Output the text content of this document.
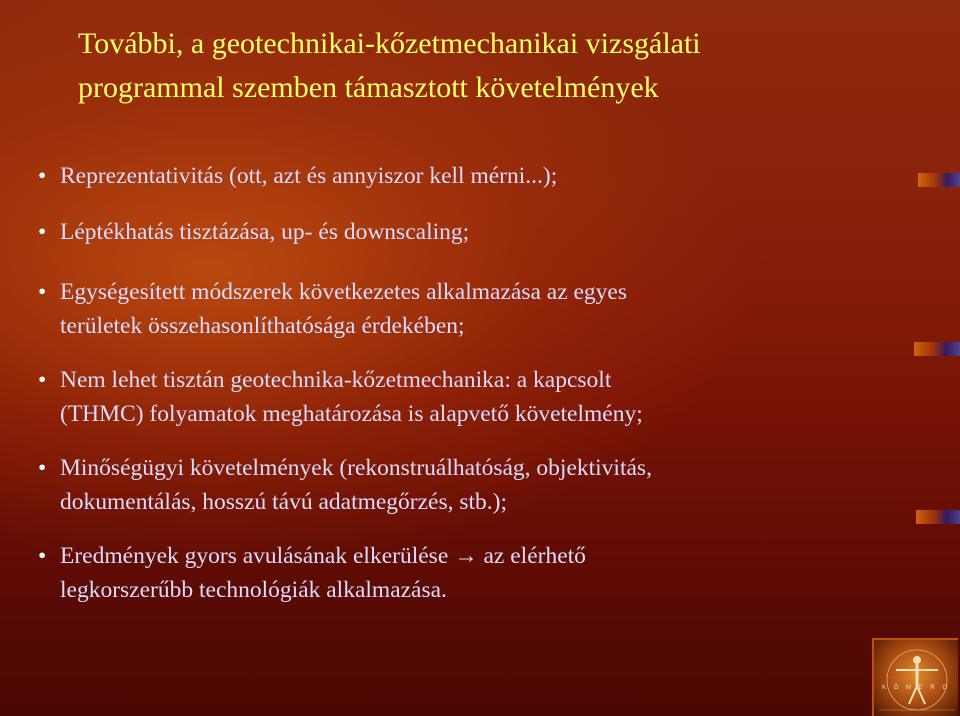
További, a geotechnikai-kőzetmechanikai vizsgálati
programmal szemben támasztott követelmények
• Reprezentativitás (ott, azt és annyiszor kell mérni...);
• Léptékhatás tisztázása, up- és downscaling;
• Egységesített módszerek következetes alkalmazása az egyes
területek összehasonlíthatósága érdekében;
• Nem lehet tisztán geotechnika-kőzetmechanika: a kapcsolt
(THMC) folyamatok meghatározása is alapvető követelmény;
• Minőségügyi követelmények (rekonstruálhatóság, objektivitás,
dokumentálás, hosszú távú adatmegőrzés, stb.);
• Eredmények gyors avulásának elkerülése → az elérhető
legkorszerűbb technológiák alkalmazása.
K Ö M E R O
